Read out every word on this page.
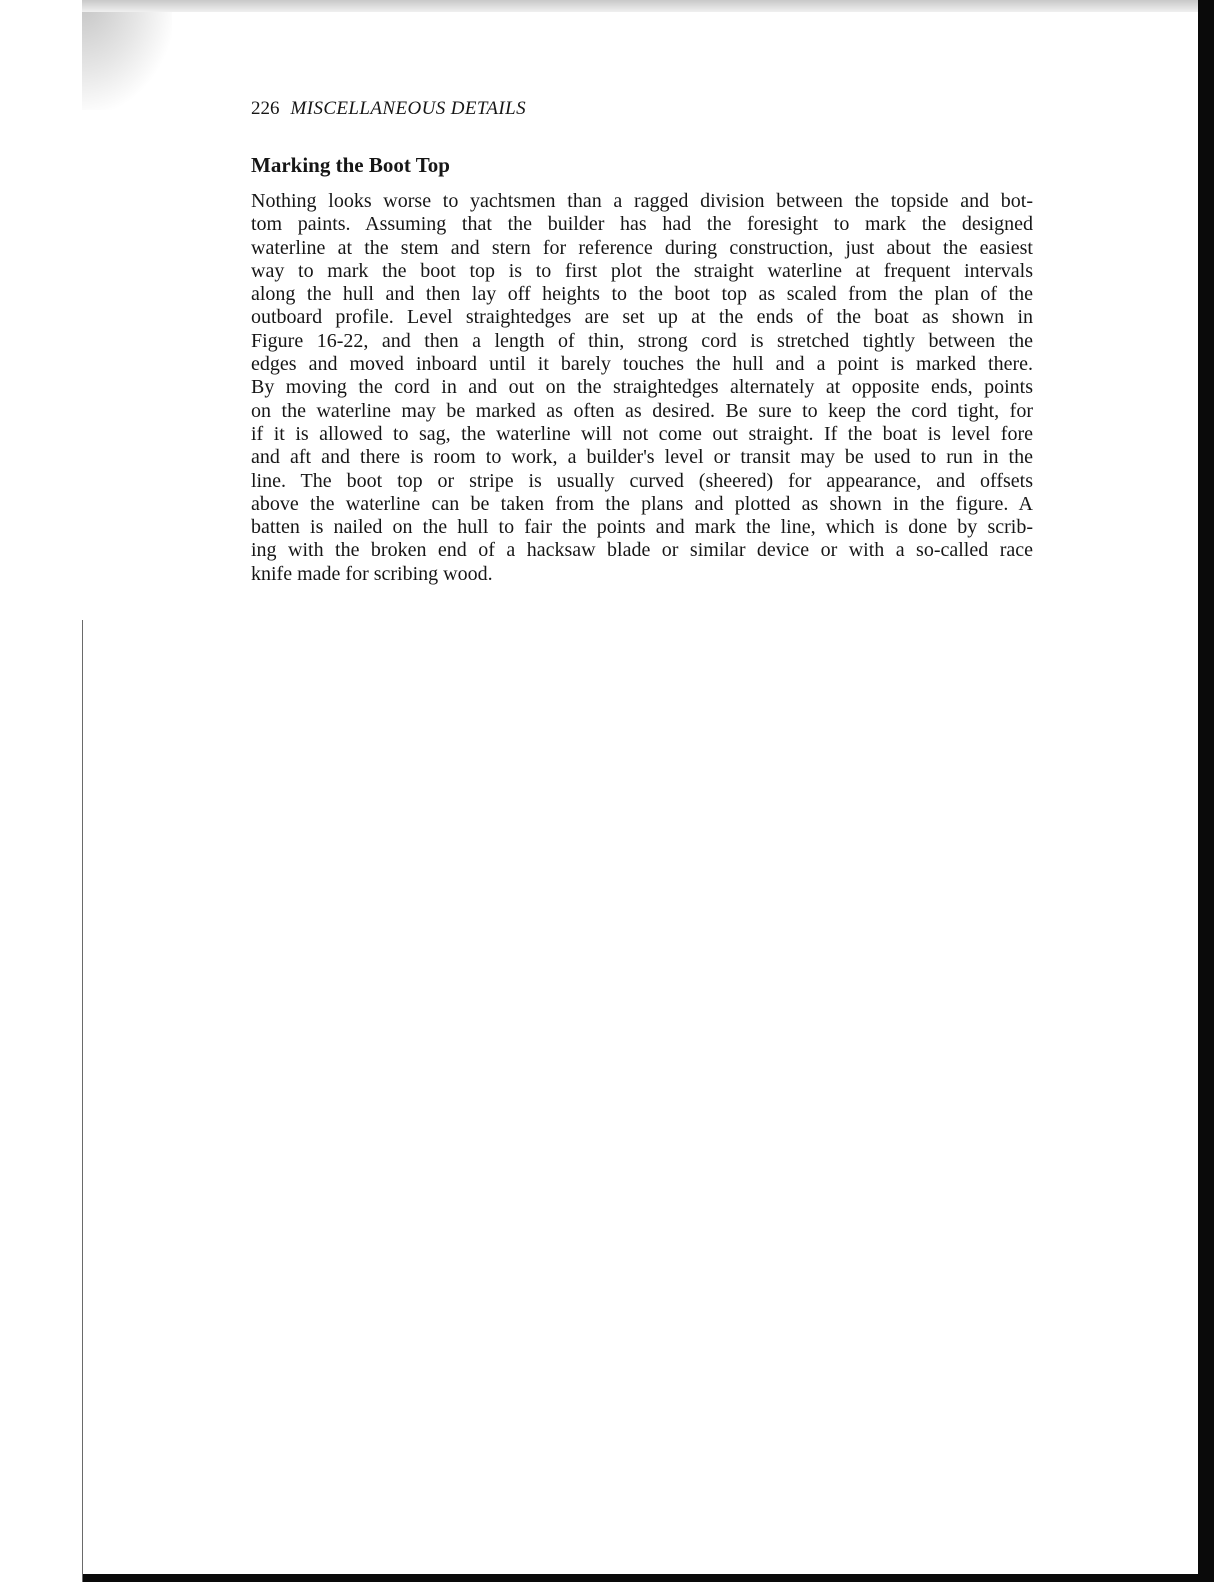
226 MISCELLANEOUS DETAILS
Marking the Boot Top
Nothing looks worse to yachtsmen than a ragged division between the topside and bot-
tom paints. Assuming that the builder has had the foresight to mark the designed
waterline at the stem and stern for reference during construction, just about the easiest
way to mark the boot top is to first plot the straight waterline at frequent intervals
along the hull and then lay off heights to the boot top as scaled from the plan of the
outboard profile. Level straightedges are set up at the ends of the boat as shown in
Figure 16-22, and then a length of thin, strong cord is stretched tightly between the
edges and moved inboard until it barely touches the hull and a point is marked there.
By moving the cord in and out on the straightedges alternately at opposite ends, points
on the waterline may be marked as often as desired. Be sure to keep the cord tight, for
if it is allowed to sag, the waterline will not come out straight. If the boat is level fore
and aft and there is room to work, a builder's level or transit may be used to run in the
line. The boot top or stripe is usually curved (sheered) for appearance, and offsets
above the waterline can be taken from the plans and plotted as shown in the figure. A
batten is nailed on the hull to fair the points and mark the line, which is done by scrib-
ing with the broken end of a hacksaw blade or similar device or with a so-called race
knife made for scribing wood.
